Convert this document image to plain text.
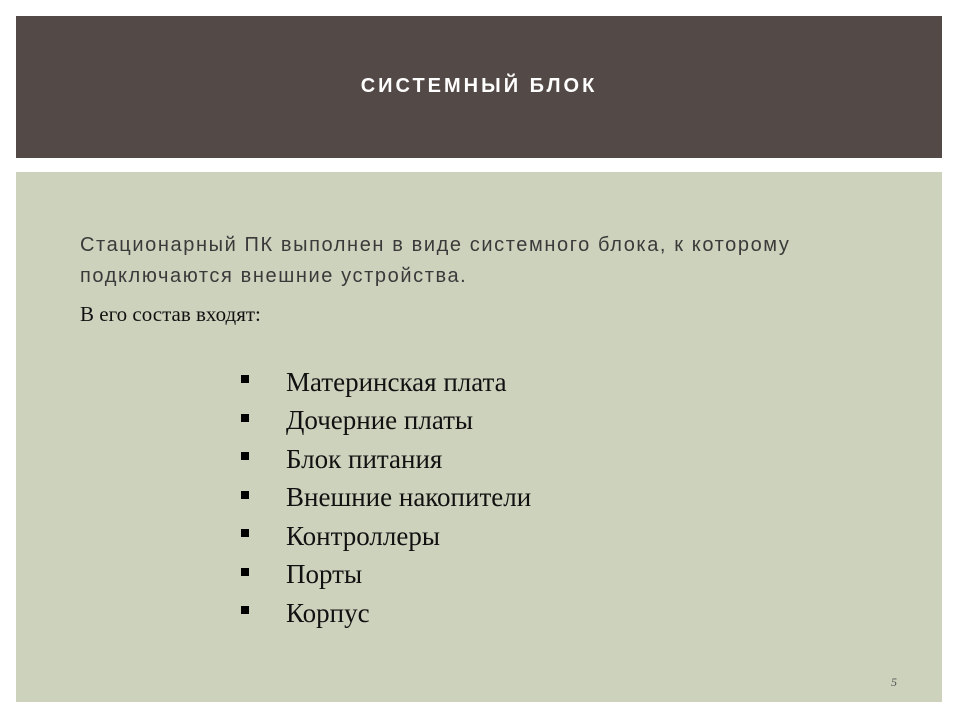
СИСТЕМНЫЙ БЛОК

Стационарный ПК выполнен в виде системного блока, к которому подключаются внешние устройства.

В его состав входят:

Материнская плата
Дочерние платы
Блок питания
Внешние накопители
Контроллеры
Порты
Корпус
5
